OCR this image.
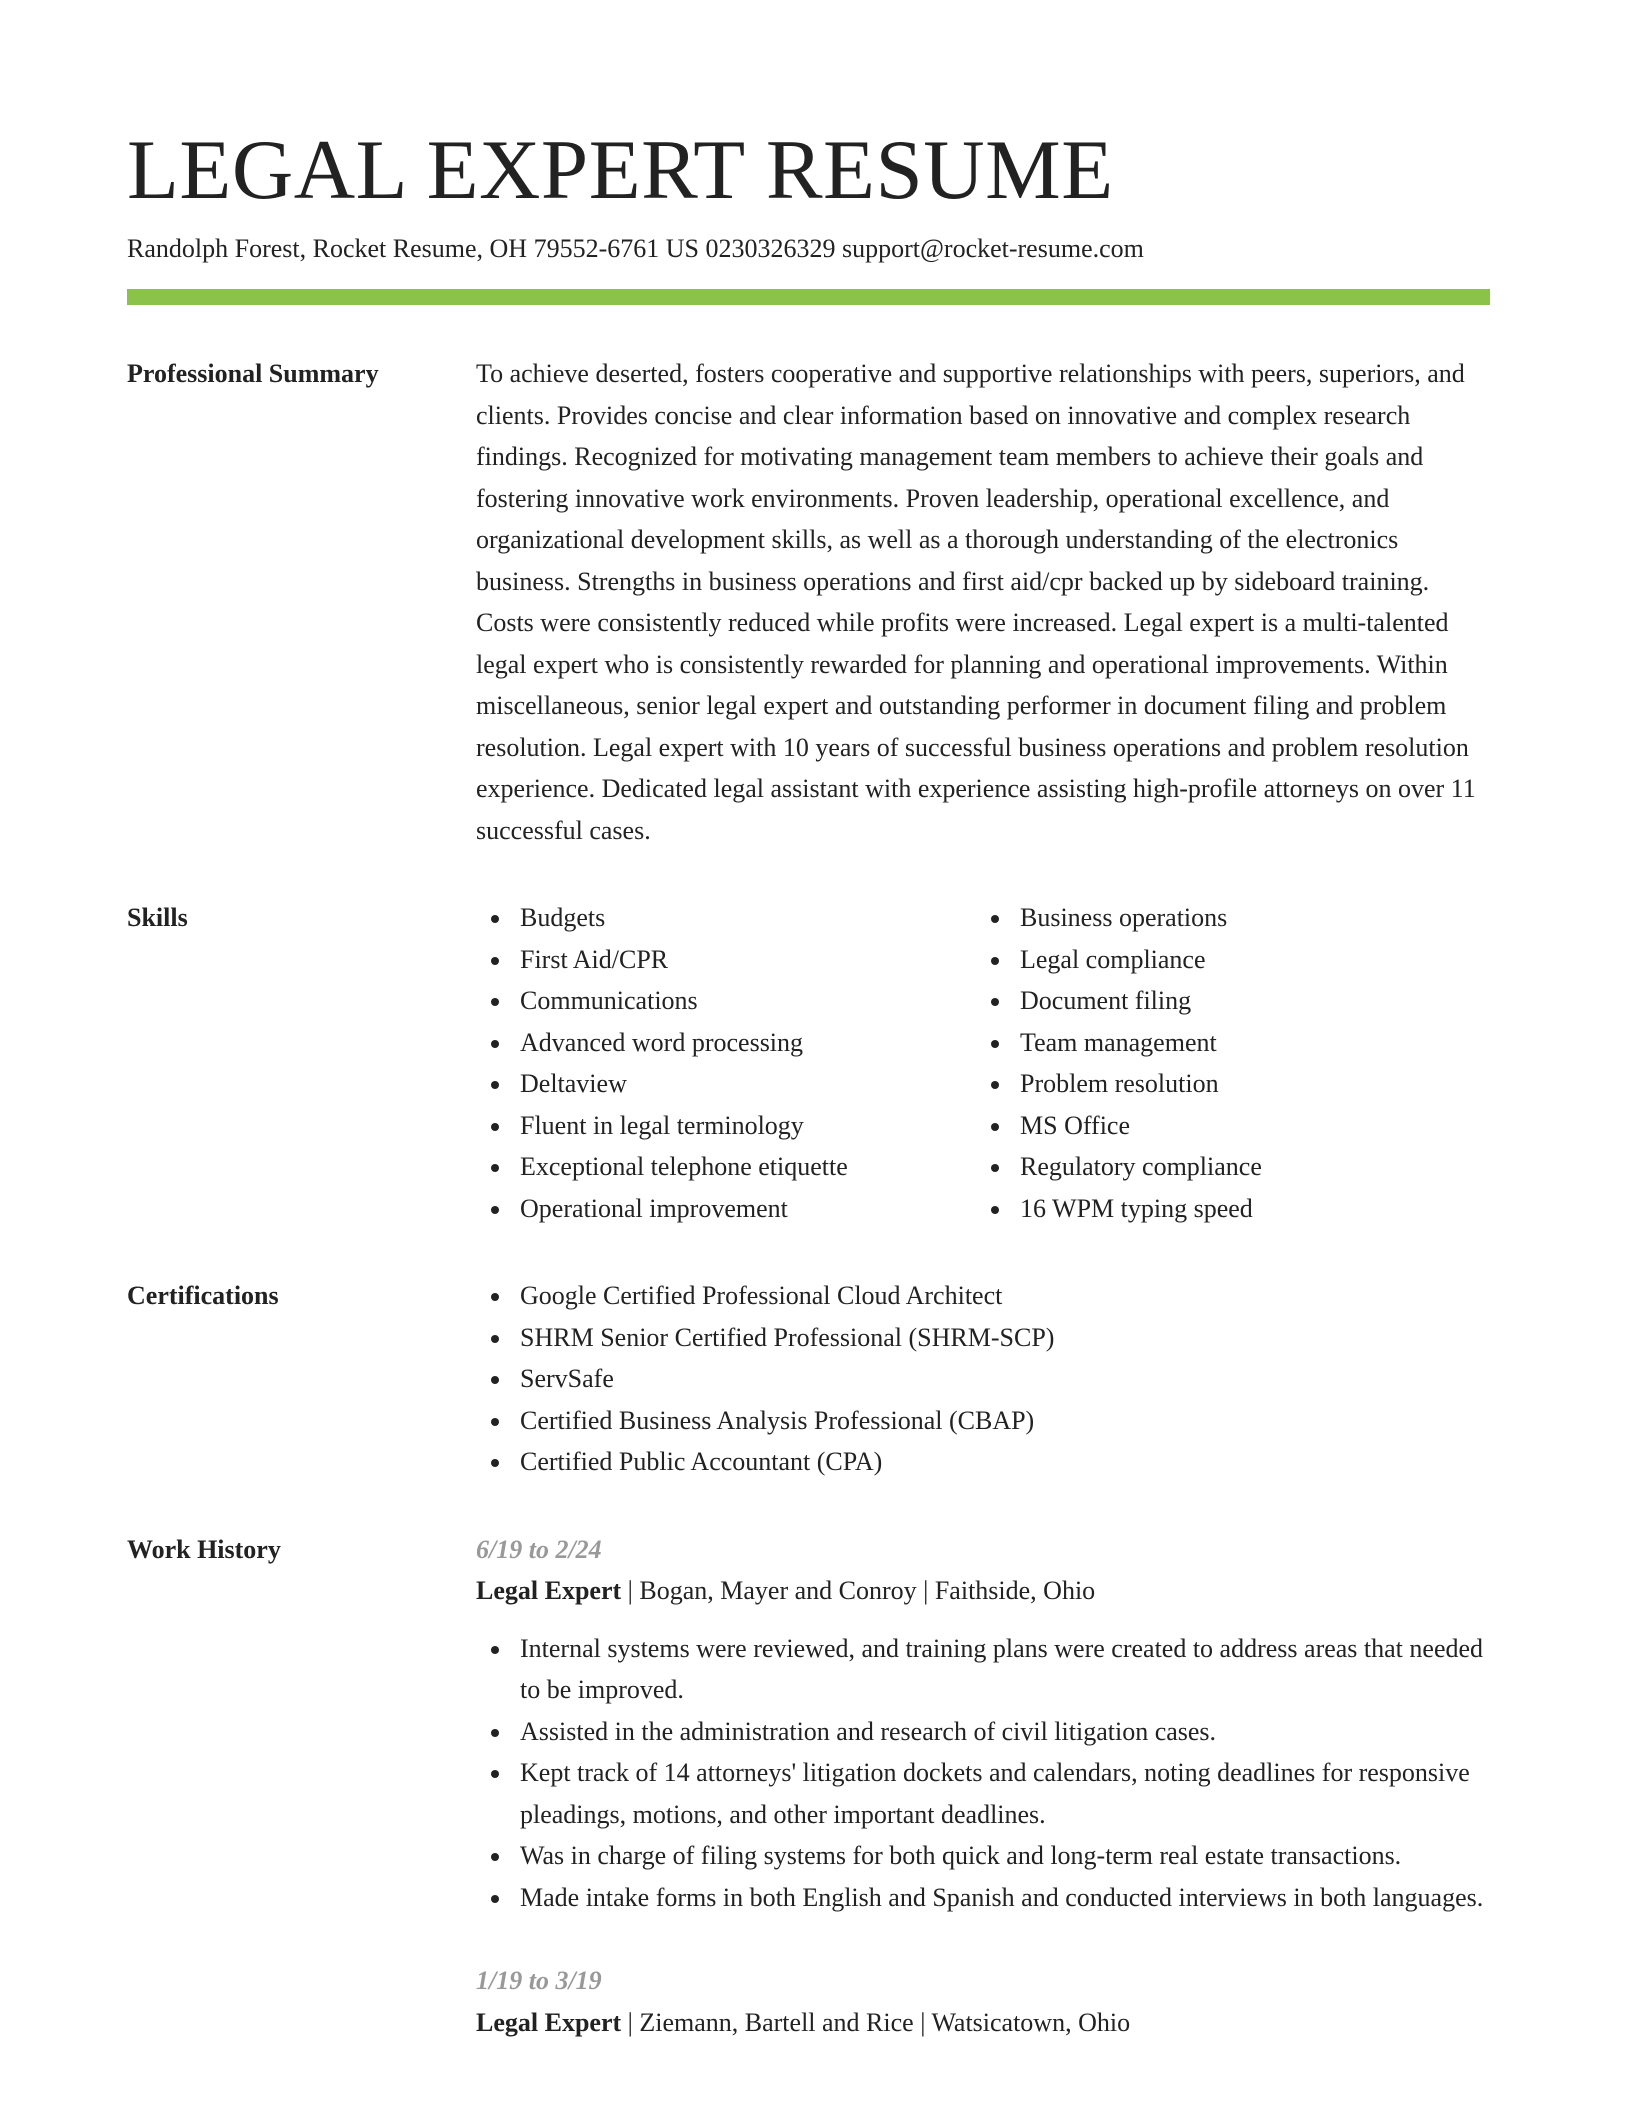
LEGAL EXPERT RESUME
Randolph Forest, Rocket Resume, OH 79552-6761 US 0230326329 support@rocket-resume.com
Professional Summary	To achieve deserted, fosters cooperative and supportive relationships with peers, superiors, and clients. Provides concise and clear information based on innovative and complex research findings. Recognized for motivating management team members to achieve their goals and fostering innovative work environments. Proven leadership, operational excellence, and organizational development skills, as well as a thorough understanding of the electronics business. Strengths in business operations and first aid/cpr backed up by sideboard training. Costs were consistently reduced while profits were increased. Legal expert is a multi-talented legal expert who is consistently rewarded for planning and operational improvements. Within miscellaneous, senior legal expert and outstanding performer in document filing and problem resolution. Legal expert with 10 years of successful business operations and problem resolution experience. Dedicated legal assistant with experience assisting high-profile attorneys on over 11 successful cases.

Skills	Budgets
First Aid/CPR
Communications
Advanced word processing
Deltaview
Fluent in legal terminology
Exceptional telephone etiquette
Operational improvement
Business operations
Legal compliance
Document filing
Team management
Problem resolution
MS Office
Regulatory compliance
16 WPM typing speed
Certifications	Google Certified Professional Cloud Architect
SHRM Senior Certified Professional (SHRM-SCP)
ServSafe
Certified Business Analysis Professional (CBAP)
Certified Public Accountant (CPA)
Work History	6/19 to 2/24
Legal Expert | Bogan, Mayer and Conroy | Faithside, Ohio
Internal systems were reviewed, and training plans were created to address areas that needed to be improved.
Assisted in the administration and research of civil litigation cases.
Kept track of 14 attorneys' litigation dockets and calendars, noting deadlines for responsive pleadings, motions, and other important deadlines.
Was in charge of filing systems for both quick and long-term real estate transactions.
Made intake forms in both English and Spanish and conducted interviews in both languages.
1/19 to 3/19
Legal Expert | Ziemann, Bartell and Rice | Watsicatown, Ohio
